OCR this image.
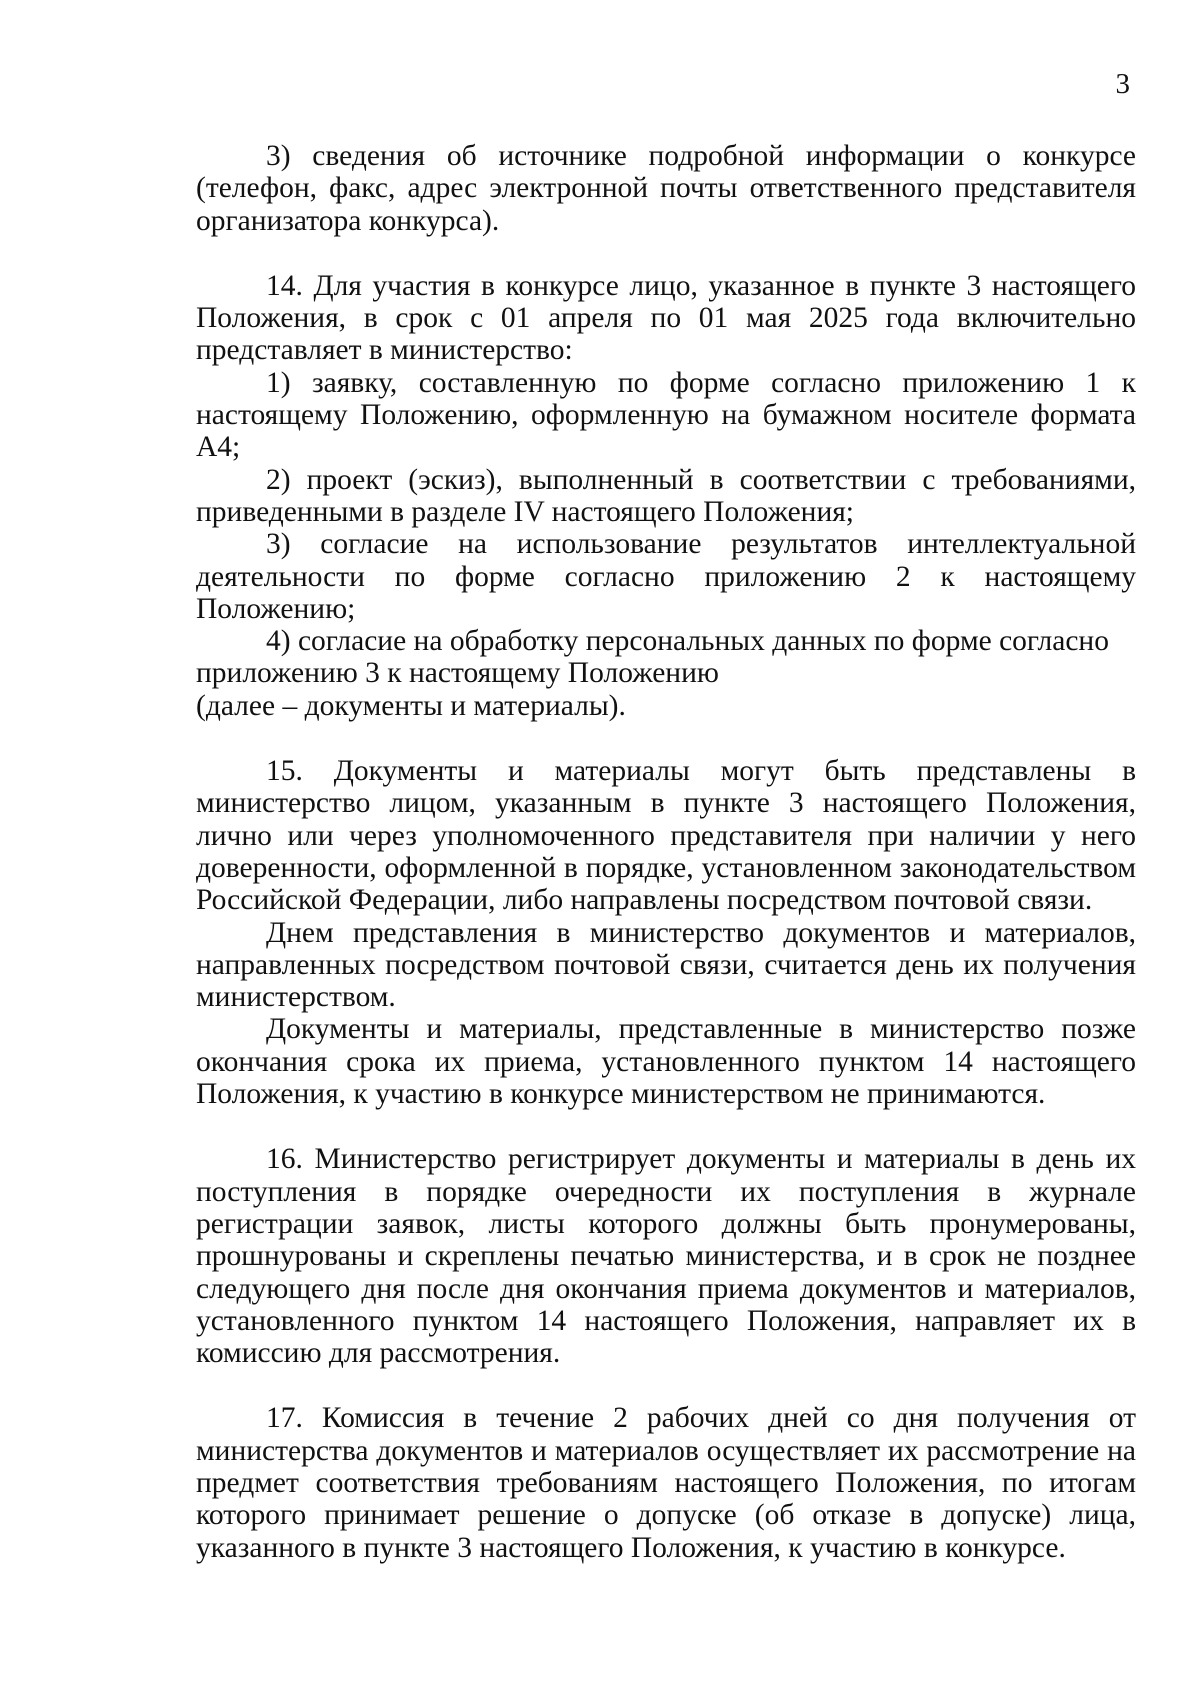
3

3) сведения об источнике подробной информации о конкурсе (телефон, факс, адрес электронной почты ответственного представителя организатора конкурса).

14. Для участия в конкурсе лицо, указанное в пункте 3 настоящего Положения, в срок с 01 апреля по 01 мая 2025 года включительно представляет в министерство:

1) заявку, составленную по форме согласно приложению 1 к настоящему Положению, оформленную на бумажном носителе формата А4;

2) проект (эскиз), выполненный в соответствии с требованиями, приведенными в разделе IV настоящего Положения;

3) согласие на использование результатов интеллектуальной деятельности по форме согласно приложению 2 к настоящему Положению;

4) согласие на обработку персональных данных по форме согласно приложению 3 к настоящему Положению

(далее – документы и материалы).

15. Документы и материалы могут быть представлены в министерство лицом, указанным в пункте 3 настоящего Положения, лично или через уполномоченного представителя при наличии у него доверенности, оформленной в порядке, установленном законодательством Российской Федерации, либо направлены посредством почтовой связи.

Днем представления в министерство документов и материалов, направленных посредством почтовой связи, считается день их получения министерством.

Документы и материалы, представленные в министерство позже окончания срока их приема, установленного пунктом 14 настоящего Положения, к участию в конкурсе министерством не принимаются.

16. Министерство регистрирует документы и материалы в день их поступления в порядке очередности их поступления в журнале регистрации заявок, листы которого должны быть пронумерованы, прошнурованы и скреплены печатью министерства, и в срок не позднее следующего дня после дня окончания приема документов и материалов, установленного пунктом 14 настоящего Положения, направляет их в комиссию для рассмотрения.

17. Комиссия в течение 2 рабочих дней со дня получения от министерства документов и материалов осуществляет их рассмотрение на предмет соответствия требованиям настоящего Положения, по итогам которого принимает решение о допуске (об отказе в допуске) лица, указанного в пункте 3 настоящего Положения, к участию в конкурсе.
